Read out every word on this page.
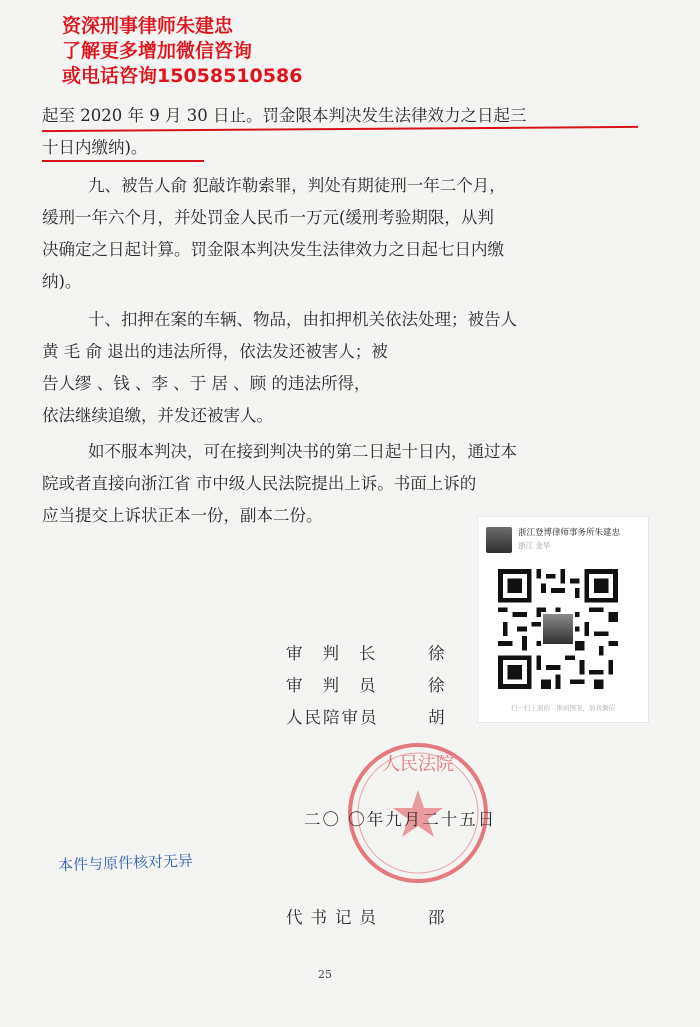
资深刑事律师朱建忠
了解更多增加微信咨询
或电话咨询15058510586
起至 2020 年 9 月 30 日止。罚金限本判决发生法律效力之日起三
十日内缴纳)。
九、被告人俞 犯敲诈勒索罪，判处有期徒刑一年二个月，
缓刑一年六个月，并处罚金人民币一万元(缓刑考验期限，从判
决确定之日起计算。罚金限本判决发生法律效力之日起七日内缴
纳)。
十、扣押在案的车辆、物品，由扣押机关依法处理；被告人
黄 毛 俞 退出的违法所得，依法发还被害人；被
告人缪 、钱 、李 、于 居 、顾 的违法所得，
依法继续追缴，并发还被害人。
如不服本判决，可在接到判决书的第二日起十日内，通过本
院或者直接向浙江省 市中级人民法院提出上诉。书面上诉的
应当提交上诉状正本一份，副本二份。
审判长 徐
审判员 徐
人民陪审员	胡
人民法院
二〇 〇年九月二十五日
本件与原件核对无异
代书记员	邵
25
浙江登博律师事务所朱建忠
浙江 金华
扫一扫上面的二维码图案，加我微信
